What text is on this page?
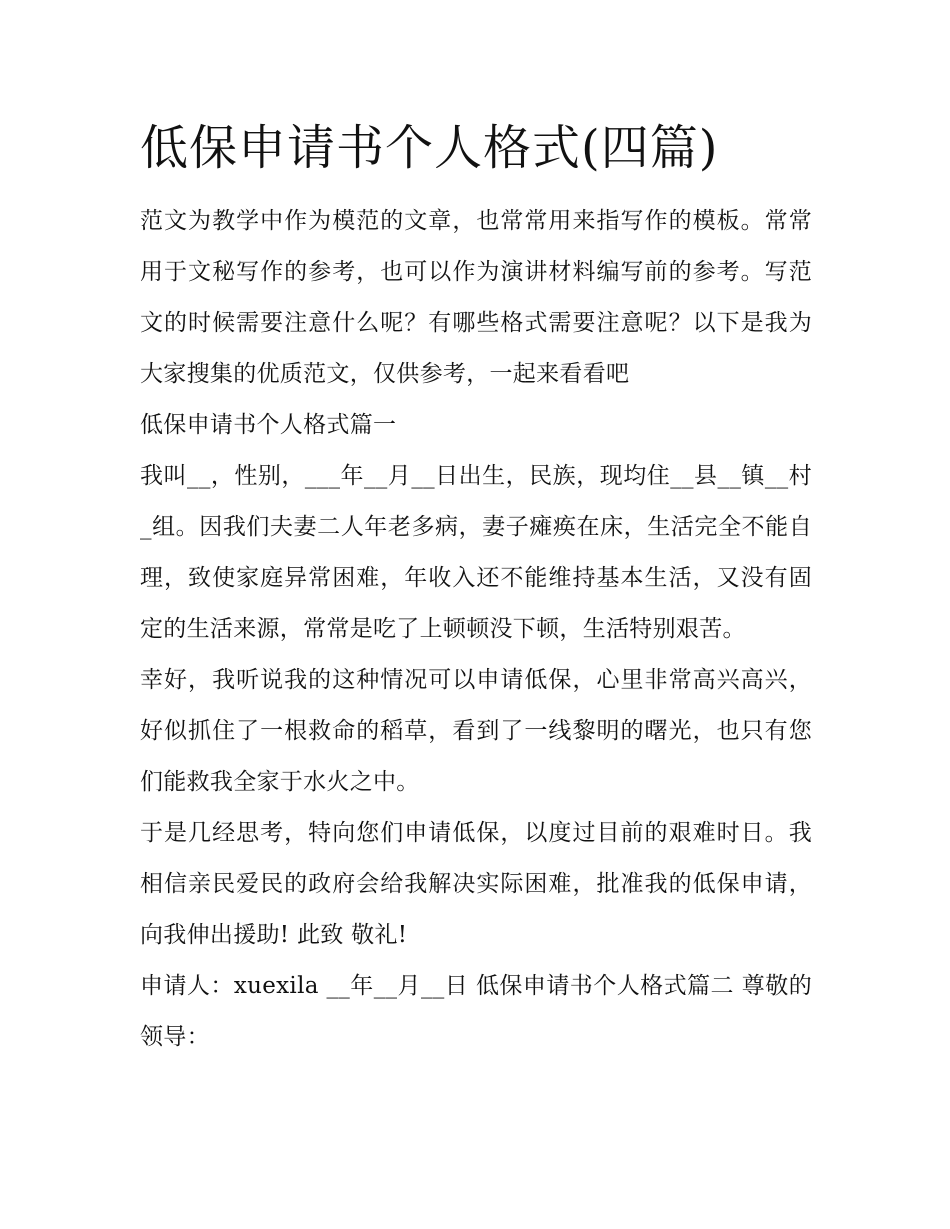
低保申请书个人格式(四篇)

范文为教学中作为模范的文章，也常常用来指写作的模板。常常用于文秘写作的参考，也可以作为演讲材料编写前的参考。写范文的时候需要注意什么呢？有哪些格式需要注意呢？以下是我为大家搜集的优质范文，仅供参考，一起来看看吧

低保申请书个人格式篇一

我叫__，性别，___年__月__日出生，民族，现均住__县__镇__村_组。因我们夫妻二人年老多病，妻子瘫痪在床，生活完全不能自理，致使家庭异常困难，年收入还不能维持基本生活，又没有固定的生活来源，常常是吃了上顿顿没下顿，生活特别艰苦。

幸好，我听说我的这种情况可以申请低保，心里非常高兴高兴，好似抓住了一根救命的稻草，看到了一线黎明的曙光，也只有您们能救我全家于水火之中。

于是几经思考，特向您们申请低保，以度过目前的艰难时日。我相信亲民爱民的政府会给我解决实际困难，批准我的低保申请，向我伸出援助! 此致 敬礼!

申请人：xuexila __年__月__日 低保申请书个人格式篇二 尊敬的领导：
